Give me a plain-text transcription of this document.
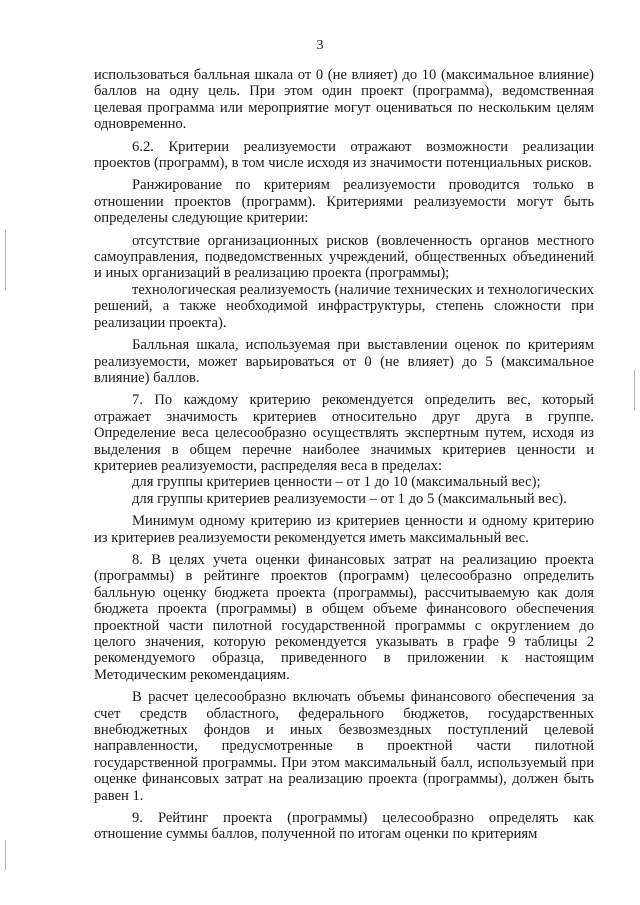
3

использоваться балльная шкала от 0 (не влияет) до 10 (максимальное влияние) баллов на одну цель. При этом один проект (программа), ведомственная целевая программа или мероприятие могут оцениваться по нескольким целям одновременно.

6.2. Критерии реализуемости отражают возможности реализации проектов (программ), в том числе исходя из значимости потенциальных рисков.

Ранжирование по критериям реализуемости проводится только в отношении проектов (программ). Критериями реализуемости могут быть определены следующие критерии:

отсутствие организационных рисков (вовлеченность органов местного самоуправления, подведомственных учреждений, общественных объединений и иных организаций в реализацию проекта (программы);

технологическая реализуемость (наличие технических и технологических решений, а также необходимой инфраструктуры, степень сложности при реализации проекта).

Балльная шкала, используемая при выставлении оценок по критериям реализуемости, может варьироваться от 0 (не влияет) до 5 (максимальное влияние) баллов.

7. По каждому критерию рекомендуется определить вес, который отражает значимость критериев относительно друг друга в группе. Определение веса целесообразно осуществлять экспертным путем, исходя из выделения в общем перечне наиболее значимых критериев ценности и критериев реализуемости, распределяя веса в пределах:

для группы критериев ценности – от 1 до 10 (максимальный вес);

для группы критериев реализуемости – от 1 до 5 (максимальный вес).

Минимум одному критерию из критериев ценности и одному критерию из критериев реализуемости рекомендуется иметь максимальный вес.

8. В целях учета оценки финансовых затрат на реализацию проекта (программы) в рейтинге проектов (программ) целесообразно определить балльную оценку бюджета проекта (программы), рассчитываемую как доля бюджета проекта (программы) в общем объеме финансового обеспечения проектной части пилотной государственной программы с округлением до целого значения, которую рекомендуется указывать в графе 9 таблицы 2 рекомендуемого образца, приведенного в приложении к настоящим Методическим рекомендациям.

В расчет целесообразно включать объемы финансового обеспечения за счет средств областного, федерального бюджетов, государственных внебюджетных фондов и иных безвозмездных поступлений целевой направленности, предусмотренные в проектной части пилотной государственной программы. При этом максимальный балл, используемый при оценке финансовых затрат на реализацию проекта (программы), должен быть равен 1.

9. Рейтинг проекта (программы) целесообразно определять как отношение суммы баллов, полученной по итогам оценки по критериям
